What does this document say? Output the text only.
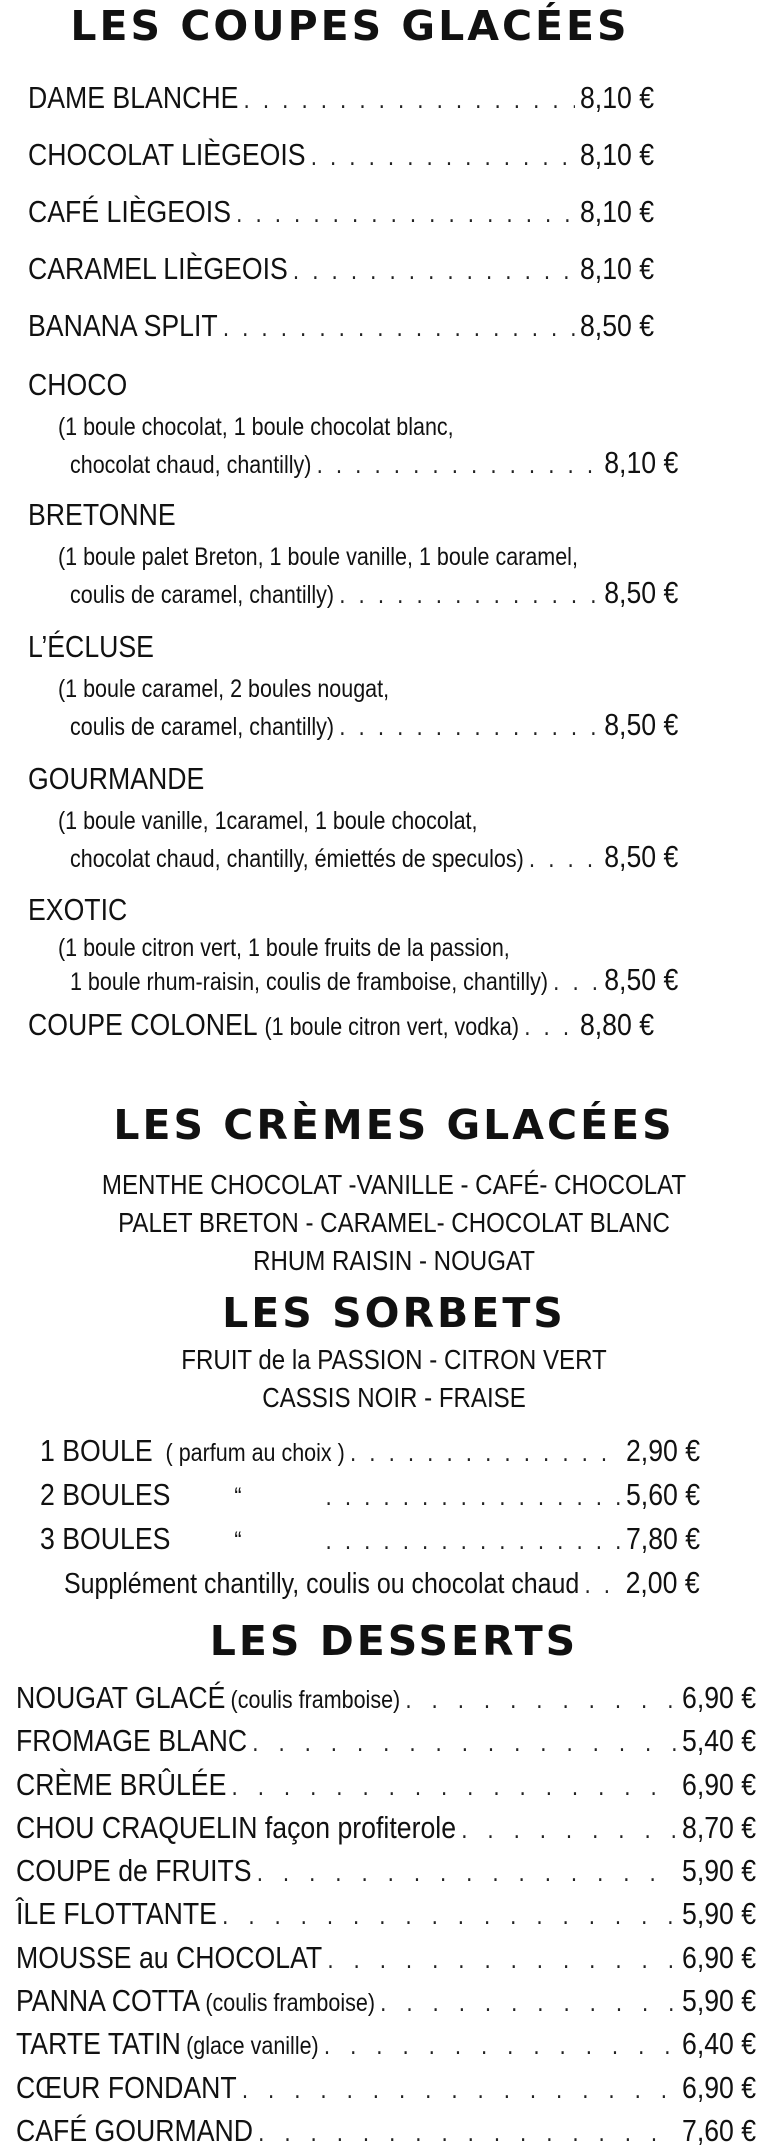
LES COUPES GLACÉES
DAME BLANCHE . . .	8,10 €
CHOCOLAT LIÈGEOIS . . .	8,10 €
CAFÉ LIÈGEOIS . . .	8,10 €
CARAMEL LIÈGEOIS . . .	8,10 €
BANANA SPLIT . . .	8,50 €
CHOCO
(1 boule chocolat, 1 boule chocolat blanc,
chocolat chaud, chantilly) . . .	8,10 €
BRETONNE
(1 boule palet Breton, 1 boule vanille, 1 boule caramel,
coulis de caramel, chantilly) . . .	8,50 €
L’ÉCLUSE
(1 boule caramel, 2 boules nougat,
coulis de caramel, chantilly) . . .	8,50 €
GOURMANDE
(1 boule vanille, 1caramel, 1 boule chocolat,
chocolat chaud, chantilly, émiettés de speculos) . . .	8,50 €
EXOTIC
(1 boule citron vert, 1 boule fruits de la passion,
1 boule rhum-raisin, coulis de framboise, chantilly) . . . 8,50 €
COUPE COLONEL (1 boule citron vert, vodka) . . . 8,80 €
LES CRÈMES GLACÉES
MENTHE CHOCOLAT -VANILLE - CAFÉ- CHOCOLAT
PALET BRETON - CARAMEL- CHOCOLAT BLANC
RHUM RAISIN - NOUGAT
LES SORBETS
FRUIT de la PASSION - CITRON VERT
CASSIS NOIR - FRAISE
1 BOULE ( parfum au choix ) . . .	2,90 €
2 BOULES	“ . . .	5,60 €
3 BOULES	“ . . .	7,80 €
Supplément chantilly, coulis ou chocolat chaud . . . 2,00 €
LES DESSERTS
NOUGAT GLACÉ (coulis framboise) . . .	6,90 €
FROMAGE BLANC . . .	5,40 €
CRÈME BRÛLÉE . . .	6,90 €
CHOU CRAQUELIN façon profiterole . . .	8,70 €
COUPE de FRUITS . . .	5,90 €
ÎLE FLOTTANTE . . .	5,90 €
MOUSSE au CHOCOLAT . . .	6,90 €
PANNA COTTA (coulis framboise) . . .	5,90 €
TARTE TATIN (glace vanille) . . .	6,40 €
CŒUR FONDANT . . .	6,90 €
CAFÉ GOURMAND . . .	7,60 €
